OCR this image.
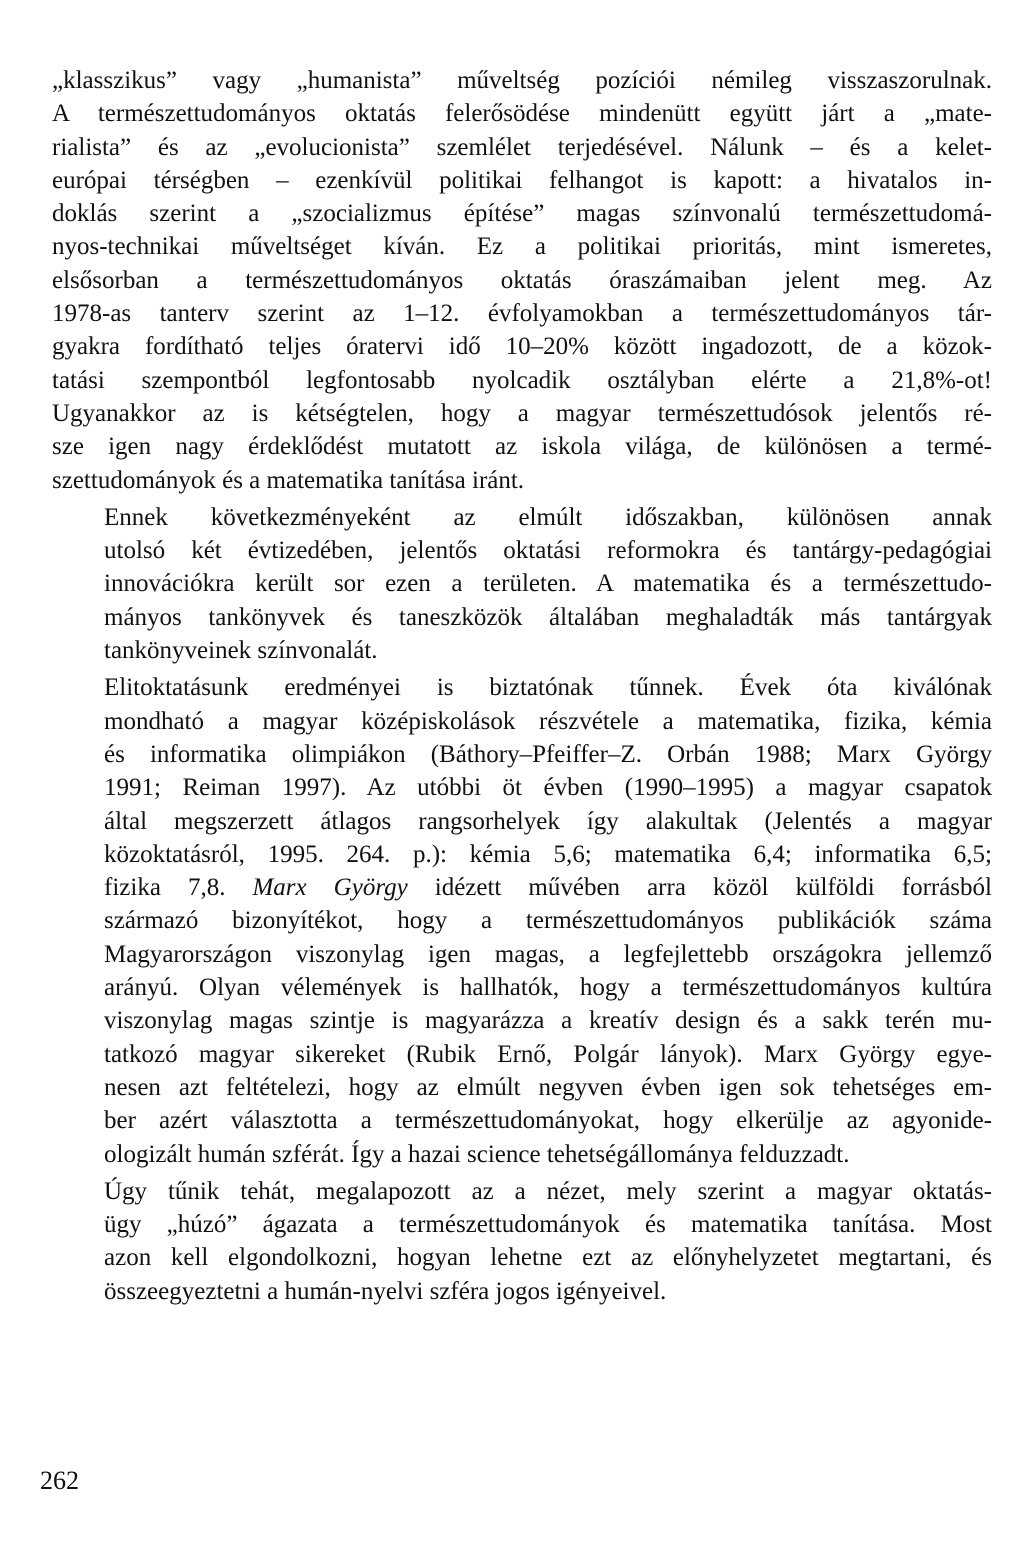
„klasszikus” vagy „humanista” műveltség pozíciói némileg visszaszorulnak.
A természettudományos oktatás felerősödése mindenütt együtt járt a „mate-
rialista” és az „evolucionista” szemlélet terjedésével. Nálunk – és a kelet-
európai térségben – ezenkívül politikai felhangot is kapott: a hivatalos in-
doklás szerint a „szocializmus építése” magas színvonalú természettudomá-
nyos-technikai műveltséget kíván. Ez a politikai prioritás, mint ismeretes,
elsősorban a természettudományos oktatás óraszámaiban jelent meg. Az
1978-as tanterv szerint az 1–12. évfolyamokban a természettudományos tár-
gyakra fordítható teljes óratervi idő 10–20% között ingadozott, de a közok-
tatási szempontból legfontosabb nyolcadik osztályban elérte a 21,8%-ot!
Ugyanakkor az is kétségtelen, hogy a magyar természettudósok jelentős ré-
sze igen nagy érdeklődést mutatott az iskola világa, de különösen a termé-
szettudományok és a matematika tanítása iránt.
Ennek következményeként az elmúlt időszakban, különösen annak
utolsó két évtizedében, jelentős oktatási reformokra és tantárgy-pedagógiai
innovációkra került sor ezen a területen. A matematika és a természettudo-
mányos tankönyvek és taneszközök általában meghaladták más tantárgyak
tankönyveinek színvonalát.
Elitoktatásunk eredményei is biztatónak tűnnek. Évek óta kiválónak
mondható a magyar középiskolások részvétele a matematika, fizika, kémia
és informatika olimpiákon (Báthory–Pfeiffer–Z. Orbán 1988; Marx György
1991; Reiman 1997). Az utóbbi öt évben (1990–1995) a magyar csapatok
által megszerzett átlagos rangsorhelyek így alakultak (Jelentés a magyar
közoktatásról, 1995. 264. p.): kémia 5,6; matematika 6,4; informatika 6,5;
fizika 7,8. Marx György idézett művében arra közöl külföldi forrásból
származó bizonyítékot, hogy a természettudományos publikációk száma
Magyarországon viszonylag igen magas, a legfejlettebb országokra jellemző
arányú. Olyan vélemények is hallhatók, hogy a természettudományos kultúra
viszonylag magas szintje is magyarázza a kreatív design és a sakk terén mu-
tatkozó magyar sikereket (Rubik Ernő, Polgár lányok). Marx György egye-
nesen azt feltételezi, hogy az elmúlt negyven évben igen sok tehetséges em-
ber azért választotta a természettudományokat, hogy elkerülje az agyonide-
ologizált humán szférát. Így a hazai science tehetségállománya felduzzadt.
Úgy tűnik tehát, megalapozott az a nézet, mely szerint a magyar oktatás-
ügy „húzó” ágazata a természettudományok és matematika tanítása. Most
azon kell elgondolkozni, hogyan lehetne ezt az előnyhelyzetet megtartani, és
összeegyeztetni a humán-nyelvi szféra jogos igényeivel.
262
